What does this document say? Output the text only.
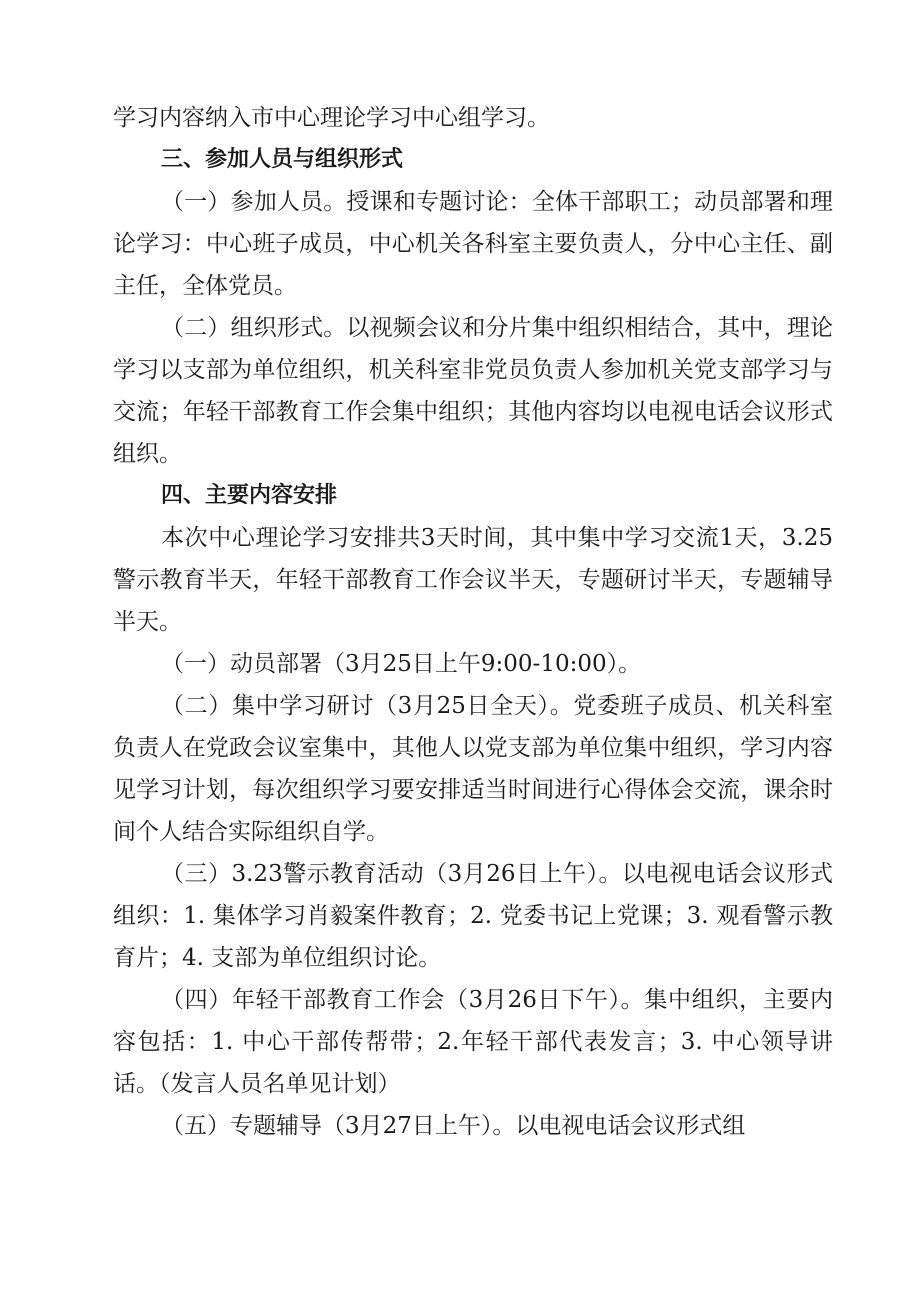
学习内容纳入市中心理论学习中心组学习。

三、参加人员与组织形式

（一）参加人员。授课和专题讨论：全体干部职工；动员部署和理论学习：中心班子成员，中心机关各科室主要负责人，分中心主任、副主任，全体党员。

（二）组织形式。以视频会议和分片集中组织相结合，其中，理论学习以支部为单位组织，机关科室非党员负责人参加机关党支部学习与交流；年轻干部教育工作会集中组织；其他内容均以电视电话会议形式组织。

四、主要内容安排

本次中心理论学习安排共3天时间，其中集中学习交流1天，3.25警示教育半天，年轻干部教育工作会议半天，专题研讨半天，专题辅导半天。

（一）动员部署（3月25日上午9:00-10:00）。

（二）集中学习研讨（3月25日全天）。党委班子成员、机关科室负责人在党政会议室集中，其他人以党支部为单位集中组织，学习内容见学习计划，每次组织学习要安排适当时间进行心得体会交流，课余时间个人结合实际组织自学。

（三）3.23警示教育活动（3月26日上午）。以电视电话会议形式组织：1. 集体学习肖毅案件教育；2. 党委书记上党课；3. 观看警示教育片；4. 支部为单位组织讨论。

（四）年轻干部教育工作会（3月26日下午）。集中组织，主要内容包括：1. 中心干部传帮带；2.年轻干部代表发言；3. 中心领导讲话。（发言人员名单见计划）

（五）专题辅导（3月27日上午）。以电视电话会议形式组
